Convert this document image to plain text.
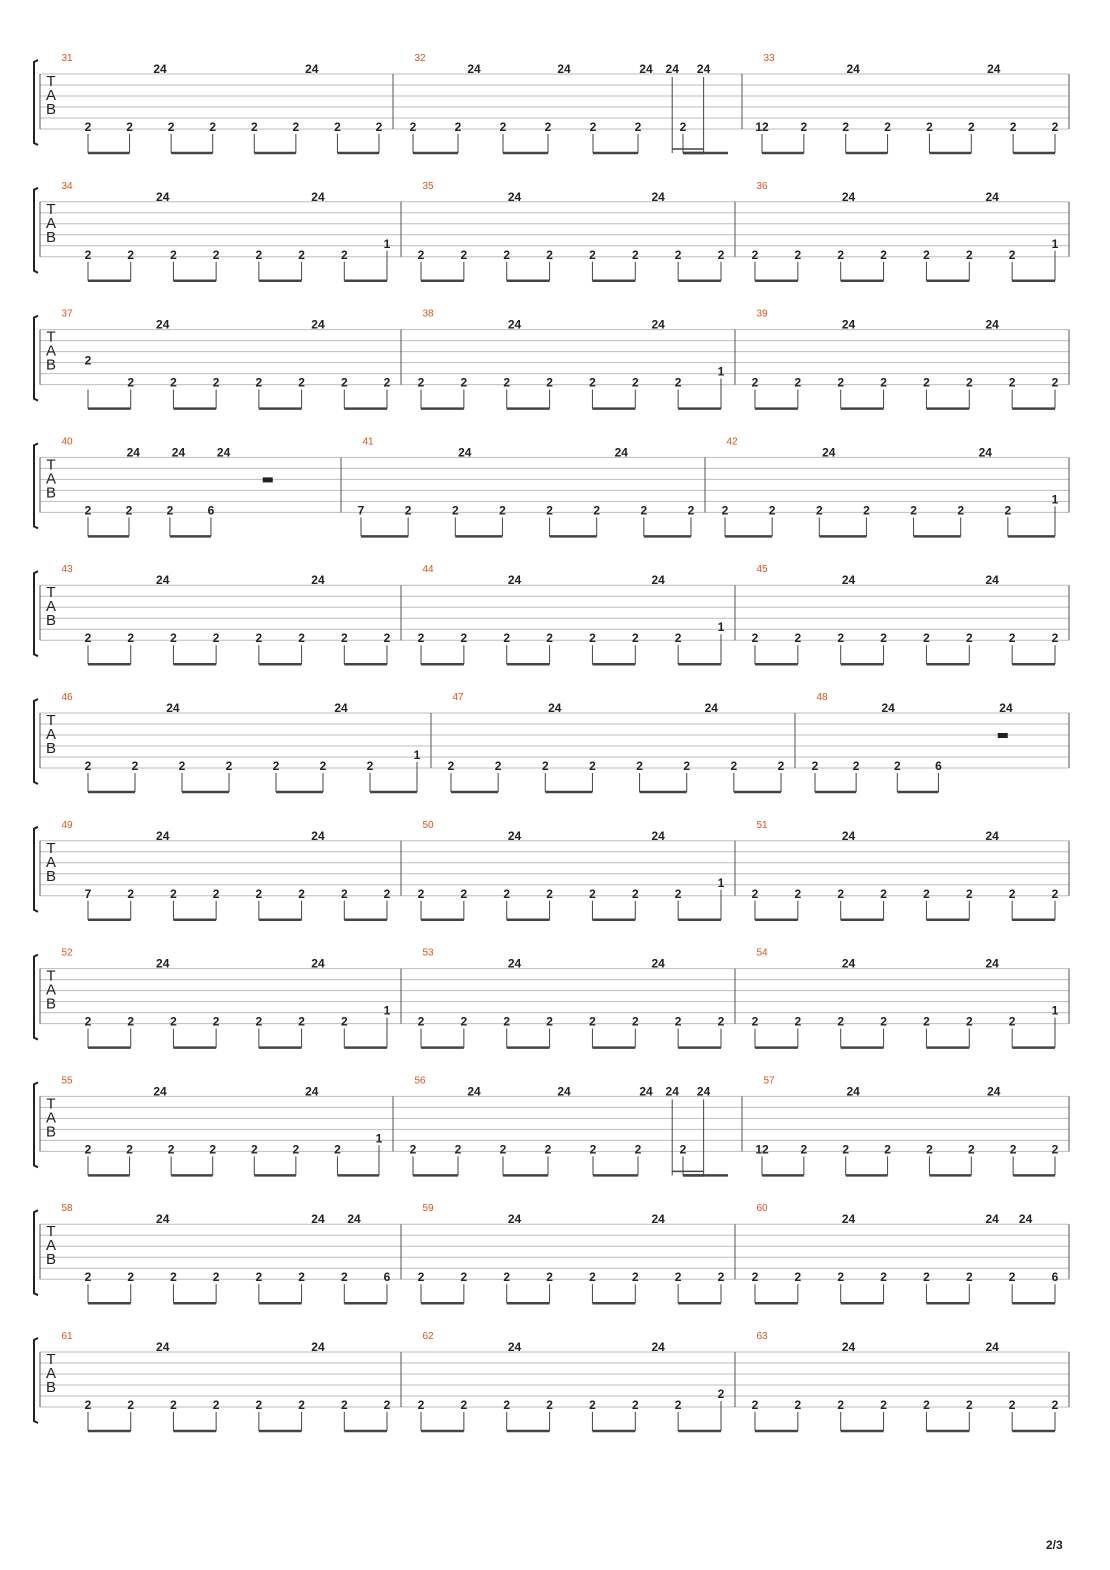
T
A
B
31
2	2	2	2	2	2	2	2
24	24
32
2	2	2	2	2	2	2
24	24	24 24 24
33
12	2	2	2	2	2	2	2
24	24
T
A
B
34
2	2	2	2	2	2	2
1
24	24
35
2	2	2	2	2	2	2	2
24	24
36
2	2	2	2	2	2	2
1
24	24
T
A
B
37
2
2	2	2	2	2	2	2
24	24
38
2	2	2	2	2	2	2
1
24	24
39
2	2	2	2	2	2	2	2
24	24
T
A
B
40
2	2	2	6
24	24	24
41
7	2	2	2	2	2	2	2
24	24
42
2	2	2	2	2	2	2
1
24	24
T
A
B
43
2	2	2	2	2	2	2	2
24	24
44
2	2	2	2	2	2	2
1
24	24
45
2	2	2	2	2	2	2	2
24	24
T
A
B
46
2	2	2	2	2	2	2
1
24	24
47
2	2	2	2	2	2	2	2
24	24
48
2	2	2	6
24	24
T
A
B
49
7	2	2	2	2	2	2	2
24	24
50
2	2	2	2	2	2	2
1
24	24
51
2	2	2	2	2	2	2	2
24	24
T
A
B
52
2	2	2	2	2	2	2
1
24	24
53
2	2	2	2	2	2	2	2
24	24
54
2	2	2	2	2	2	2
1
24	24
T
A
B
55
2	2	2	2	2	2	2
1
24	24
56
2	2	2	2	2	2	2
24	24	24 24 24
57
12	2	2	2	2	2	2	2
24	24
T
A
B
58
2	2	2	2	2	2	2	6
24	24 24
59
2	2	2	2	2	2	2	2
24	24
60
2	2	2	2	2	2	2	6
24	24 24
T
A
B
61
2	2	2	2	2	2	2	2
24	24
62
2	2	2	2	2	2	2
2
24	24
63
2	2	2	2	2	2	2	2
24	24
2/3
